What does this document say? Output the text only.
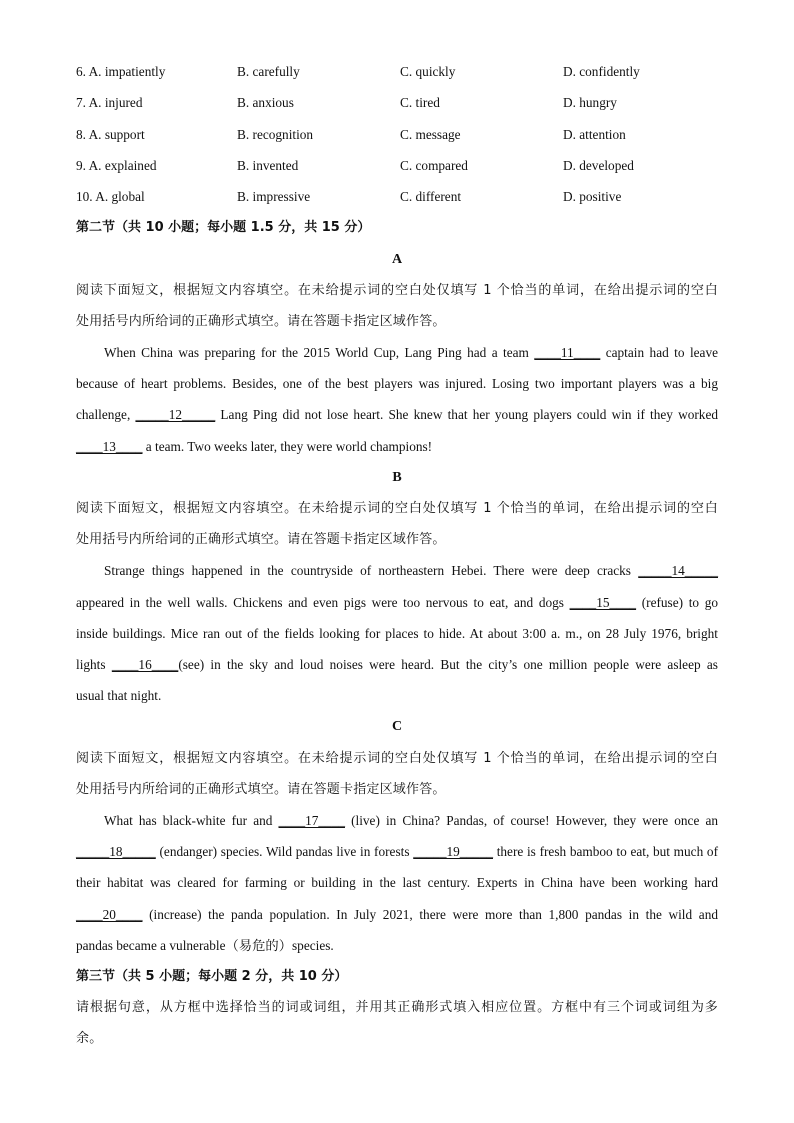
6. A. impatiently	B. carefully	C. quickly	D. confidently
7. A. injured	B. anxious	C. tired	D. hungry
8. A. support	B. recognition	C. message	D. attention
9. A. explained	B. invented	C. compared	D. developed
10. A. global	B. impressive	C. different	D. positive
第二节（共 10 小题；每小题 1.5 分，共 15 分）
A
阅读下面短文，根据短文内容填空。在未给提示词的空白处仅填写 1 个恰当的单词，在给出提示词的空白
处用括号内所给词的正确形式填空。请在答题卡指定区域作答。
When China was preparing for the 2015 World Cup, Lang Ping had a team ____11____ captain had to leave
because of heart problems. Besides, one of the best players was injured. Losing two important players was a big
challenge, _____12_____ Lang Ping did not lose heart. She knew that her young players could win if they worked
____13____ a team. Two weeks later, they were world champions!
B
阅读下面短文，根据短文内容填空。在未给提示词的空白处仅填写 1 个恰当的单词，在给出提示词的空白
处用括号内所给词的正确形式填空。请在答题卡指定区域作答。
Strange things happened in the countryside of northeastern Hebei. There were deep cracks _____14_____
appeared in the well walls. Chickens and even pigs were too nervous to eat, and dogs ____15____ (refuse) to go
inside buildings. Mice ran out of the fields looking for places to hide. At about 3:00 a. m., on 28 July 1976, bright
lights ____16____(see) in the sky and loud noises were heard. But the city’s one million people were asleep as
usual that night.
C
阅读下面短文，根据短文内容填空。在未给提示词的空白处仅填写 1 个恰当的单词，在给出提示词的空白
处用括号内所给词的正确形式填空。请在答题卡指定区域作答。
What has black-white fur and ____17____ (live) in China? Pandas, of course! However, they were once an
_____18_____ (endanger) species. Wild pandas live in forests _____19_____ there is fresh bamboo to eat, but much of
their habitat was cleared for farming or building in the last century. Experts in China have been working hard
____20____ (increase) the panda population. In July 2021, there were more than 1,800 pandas in the wild and
pandas became a vulnerable（易危的）species.
第三节（共 5 小题；每小题 2 分，共 10 分）
请根据句意，从方框中选择恰当的词或词组，并用其正确形式填入相应位置。方框中有三个词或词组为多
余。
